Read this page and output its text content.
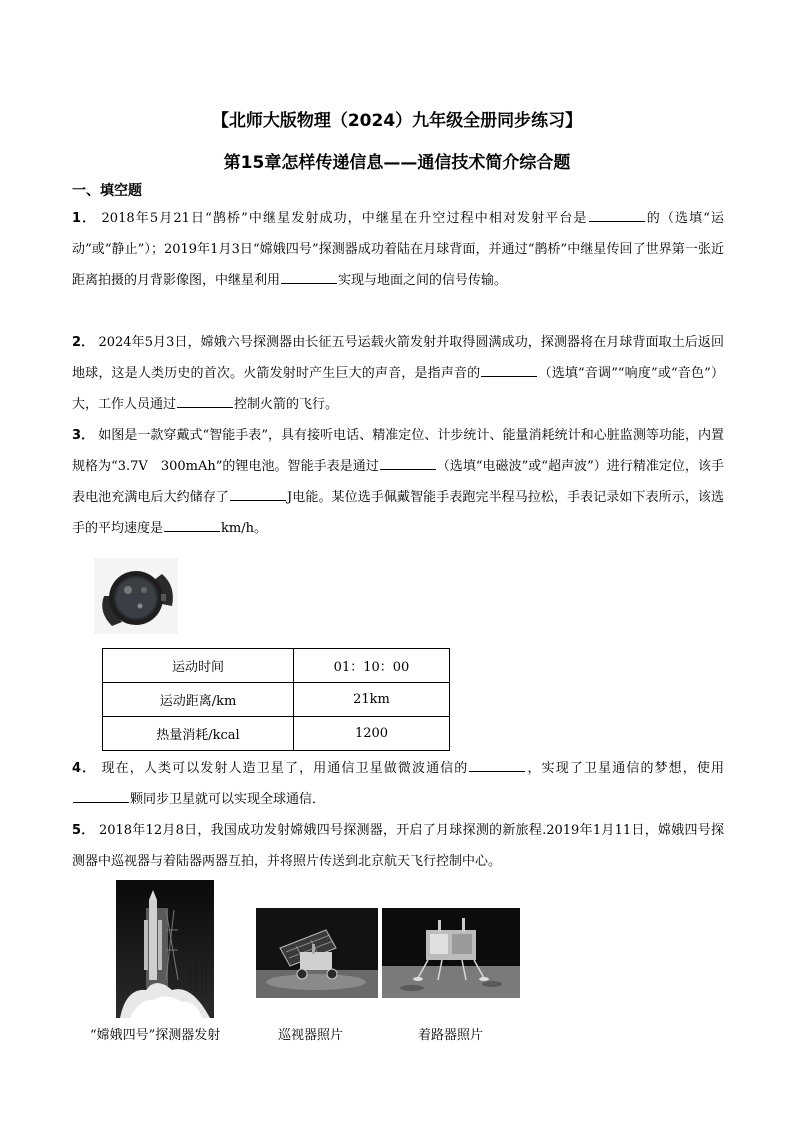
【北师大版物理（2024）九年级全册同步练习】
第15章怎样传递信息——通信技术简介综合题
一、填空题
1． 2018年5月21日“鹊桥”中继星发射成功，中继星在升空过程中相对发射平台是	的（选填“运动”或“静止”）；2019年1月3日“嫦娥四号”探测器成功着陆在月球背面，并通过“鹊桥”中继星传回了世界第一张近距离拍摄的月背影像图，中继星利用	实现与地面之间的信号传输。
2． 2024年5月3日，嫦娥六号探测器由长征五号运载火箭发射并取得圆满成功，探测器将在月球背面取土后返回地球，这是人类历史的首次。火箭发射时产生巨大的声音，是指声音的	（选填“音调”“响度”或“音色”）大，工作人员通过	控制火箭的飞行。
3． 如图是一款穿戴式“智能手表”，具有接听电话、精准定位、计步统计、能量消耗统计和心脏监测等功能，内置规格为“3.7V　300mAh”的锂电池。智能手表是通过	（选填“电磁波”或“超声波”）进行精准定位，该手表电池充满电后大约储存了	J电能。某位选手佩戴智能手表跑完半程马拉松，手表记录如下表所示，该选手的平均速度是	km/h。
运动时间	01：10：00
运动距离/km	21km
热量消耗/kcal	1200
4． 现在，人类可以发射人造卫星了，用通信卫星做微波通信的	，实现了卫星通信的梦想，使用颗同步卫星就可以实现全球通信．
5． 2018年12月8日，我国成功发射嫦娥四号探测器，开启了月球探测的新旅程.2019年1月11日，嫦娥四号探测器中巡视器与着陆器两器互拍，并将照片传送到北京航天飞行控制中心。
“嫦娥四号”探测器发射	巡视器照片	着路器照片
